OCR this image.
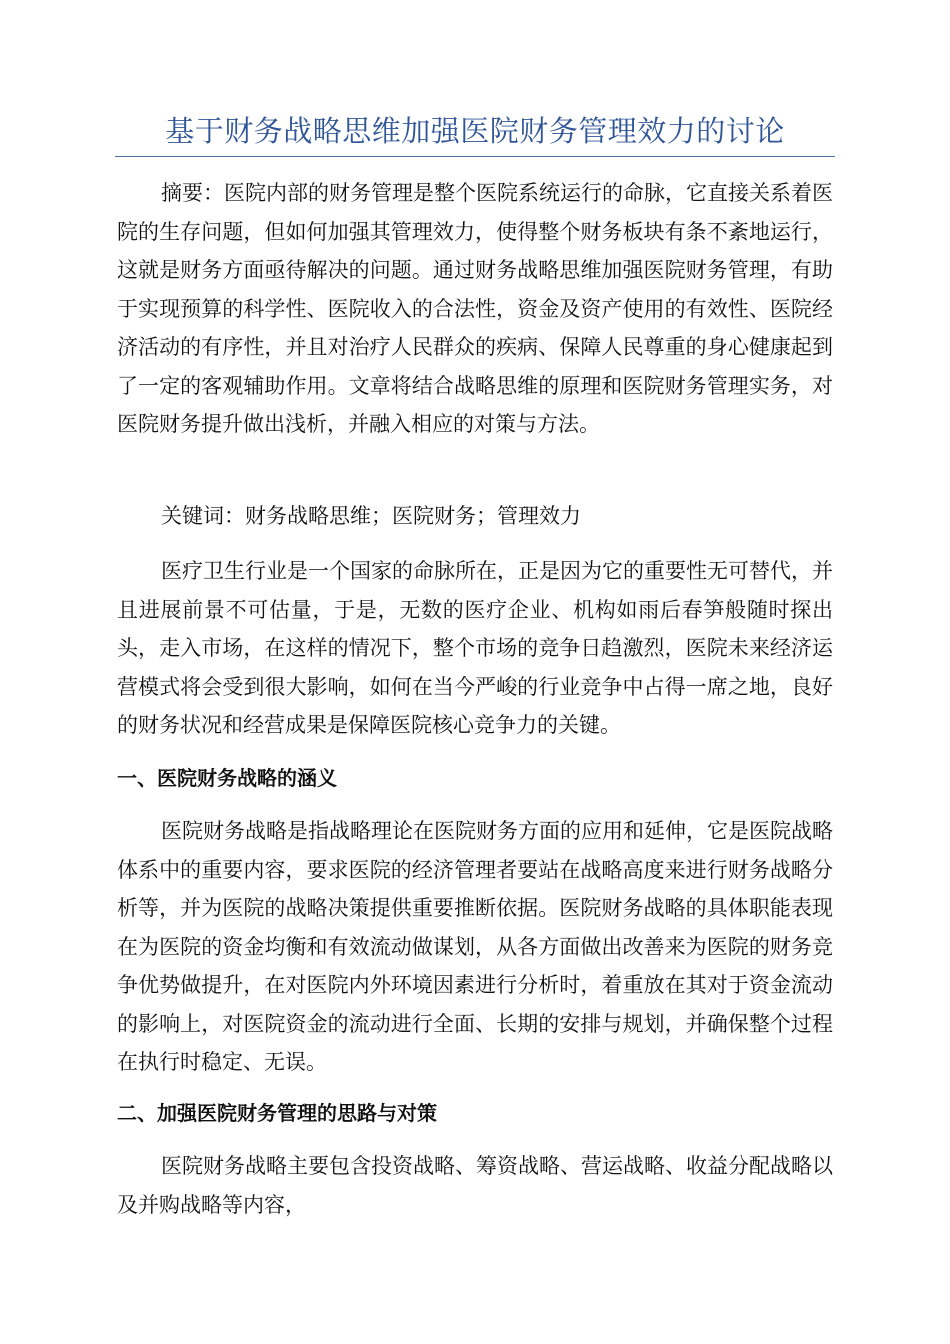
基于财务战略思维加强医院财务管理效力的讨论

摘要：医院内部的财务管理是整个医院系统运行的命脉，它直接关系着医院的生存问题，但如何加强其管理效力，使得整个财务板块有条不紊地运行，这就是财务方面亟待解决的问题。通过财务战略思维加强医院财务管理，有助于实现预算的科学性、医院收入的合法性，资金及资产使用的有效性、医院经济活动的有序性，并且对治疗人民群众的疾病、保障人民尊重的身心健康起到了一定的客观辅助作用。文章将结合战略思维的原理和医院财务管理实务，对医院财务提升做出浅析，并融入相应的对策与方法。

关键词：财务战略思维；医院财务；管理效力

医疗卫生行业是一个国家的命脉所在，正是因为它的重要性无可替代，并且进展前景不可估量，于是，无数的医疗企业、机构如雨后春笋般随时探出头，走入市场，在这样的情况下，整个市场的竞争日趋激烈，医院未来经济运营模式将会受到很大影响，如何在当今严峻的行业竞争中占得一席之地，良好的财务状况和经营成果是保障医院核心竞争力的关键。

一、医院财务战略的涵义

医院财务战略是指战略理论在医院财务方面的应用和延伸，它是医院战略体系中的重要内容，要求医院的经济管理者要站在战略高度来进行财务战略分析等，并为医院的战略决策提供重要推断依据。医院财务战略的具体职能表现在为医院的资金均衡和有效流动做谋划，从各方面做出改善来为医院的财务竞争优势做提升，在对医院内外环境因素进行分析时，着重放在其对于资金流动的影响上，对医院资金的流动进行全面、长期的安排与规划，并确保整个过程在执行时稳定、无误。

二、加强医院财务管理的思路与对策

医院财务战略主要包含投资战略、筹资战略、营运战略、收益分配战略以及并购战略等内容，
